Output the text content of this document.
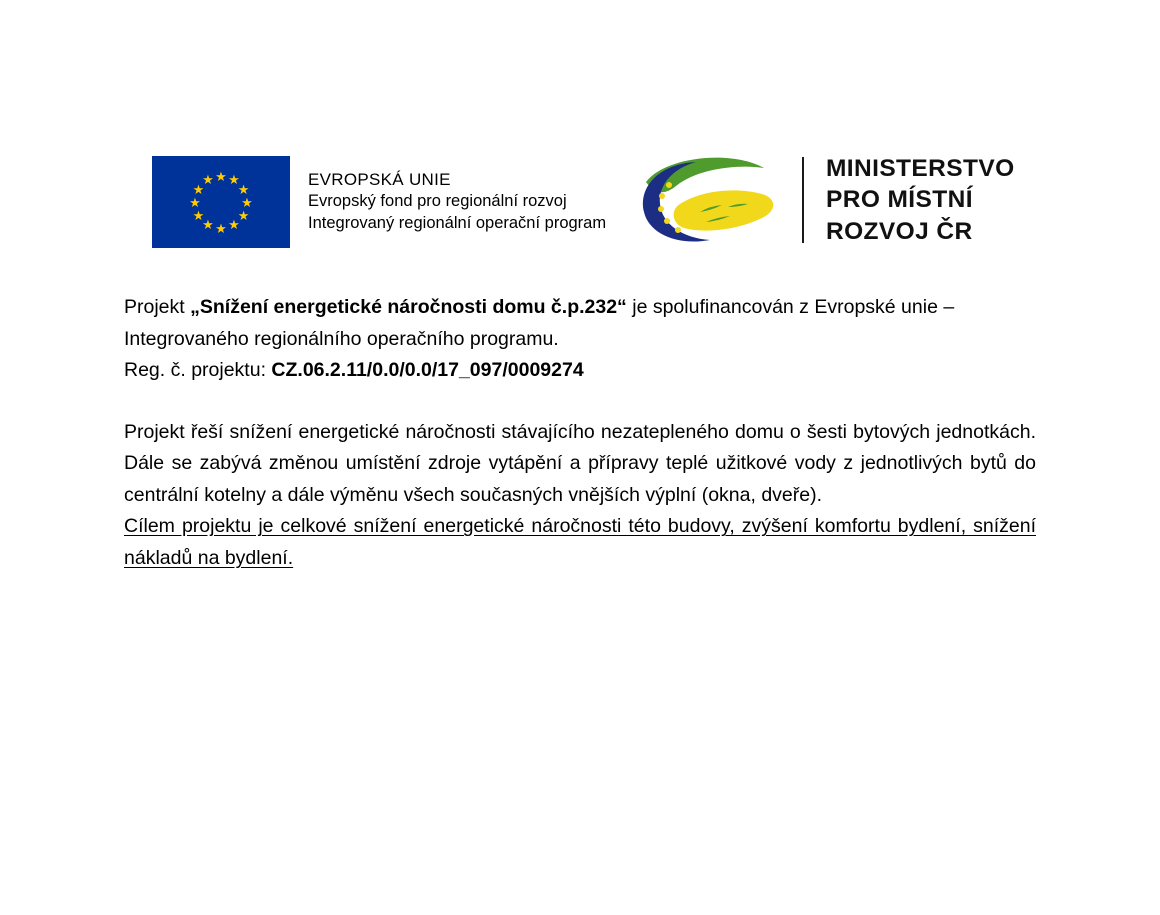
★ ★
★
★
★
★
★
★
★
★
★
★	EVROPSKÁ UNIE
Evropský fond pro regionální rozvoj
Integrovaný regionální operační program
MINISTERSTVO
PRO MÍSTNÍ
ROZVOJ ČR

Projekt „Snížení energetické náročnosti domu č.p.232“ je spolufinancován z Evropské unie – Integrovaného regionálního operačního programu.

Reg. č. projektu: CZ.06.2.11/0.0/0.0/17_097/0009274

Projekt řeší snížení energetické náročnosti stávajícího nezatepleného domu o šesti bytových jednotkách. Dále se zabývá změnou umístění zdroje vytápění a přípravy teplé užitkové vody z jednotlivých bytů do centrální kotelny a dále výměnu všech současných vnějších výplní (okna, dveře).

Cílem projektu je celkové snížení energetické náročnosti této budovy, zvýšení komfortu bydlení, snížení nákladů na bydlení.
